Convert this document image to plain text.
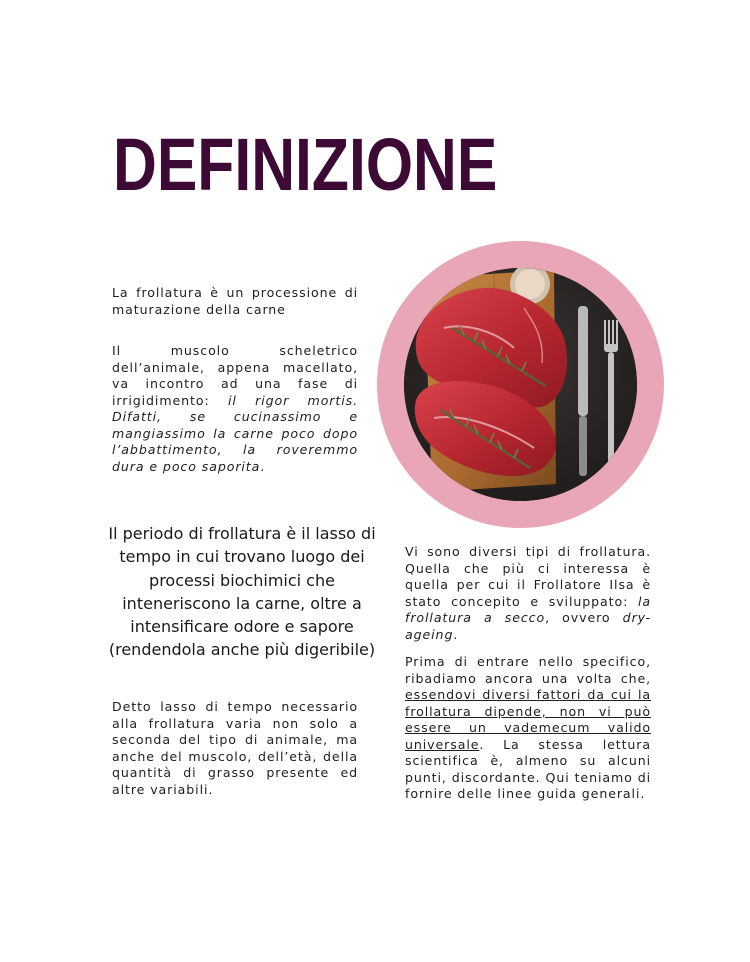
DEFINIZIONE

La frollatura è un processione di maturazione della carne

Il muscolo scheletrico dell’animale, appena macellato, va incontro ad una fase di irrigidimento: il rigor mortis. Difatti, se cucinassimo e mangiassimo la carne poco dopo l’abbattimento, la roveremmo dura e poco saporita.

Il periodo di frollatura è il lasso di tempo in cui trovano luogo dei processi biochimici che inteneriscono la carne, oltre a intensificare odore e sapore (rendendola anche più digeribile)

Detto lasso di tempo necessario alla frollatura varia non solo a seconda del tipo di animale, ma anche del muscolo, dell’età, della quantità di grasso presente ed altre variabili.

Vi sono diversi tipi di frollatura. Quella che più ci interessa è quella per cui il Frollatore Ilsa è stato concepito e sviluppato: la frollatura a secco, ovvero dry-ageing.

Prima di entrare nello specifico, ribadiamo ancora una volta che, essendovi diversi fattori da cui la frollatura dipende, non vi può essere un vademecum valido universale. La stessa lettura scientifica è, almeno su alcuni punti, discordante. Qui teniamo di fornire delle linee guida generali.
